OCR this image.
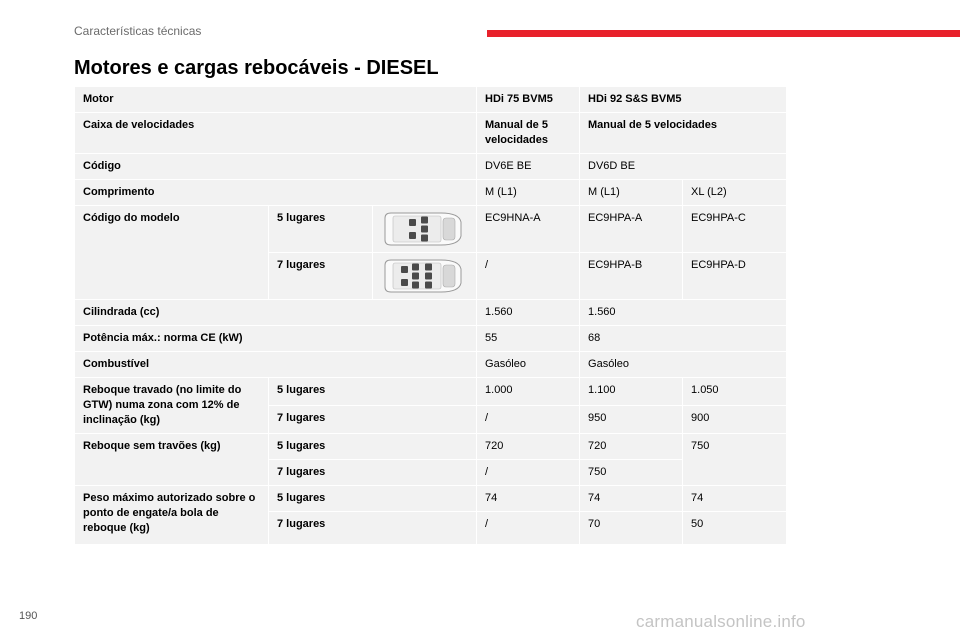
Características técnicas
Motores e cargas rebocáveis - DIESEL
Motor			HDi 75 BVM5	HDi 92 S&S BVM5	
Caixa de velocidades			Manual de 5 velocidades	Manual de 5 velocidades	
Código			DV6E BE	DV6D BE	
Comprimento			M (L1)	M (L1)	XL (L2)
Código do modelo	5 lugares		EC9HNA-A	EC9HPA-A	EC9HPA-C
	7 lugares		/	EC9HPA-B	EC9HPA-D
Cilindrada (cc)			1.560	1.560	
Potência máx.: norma CE (kW)			55	68	
Combustível			Gasóleo	Gasóleo	
Reboque travado (no limite do GTW) numa zona com 12% de inclinação (kg)	5 lugares		1.000	1.100	1.050
	7 lugares		/	950	900
Reboque sem travões (kg)	5 lugares		720	720	750
	7 lugares		/	750	
Peso máximo autorizado sobre o ponto de engate/a bola de reboque (kg)	5 lugares		74	74	74
	7 lugares		/	70	50
190	carmanualsonline.info
